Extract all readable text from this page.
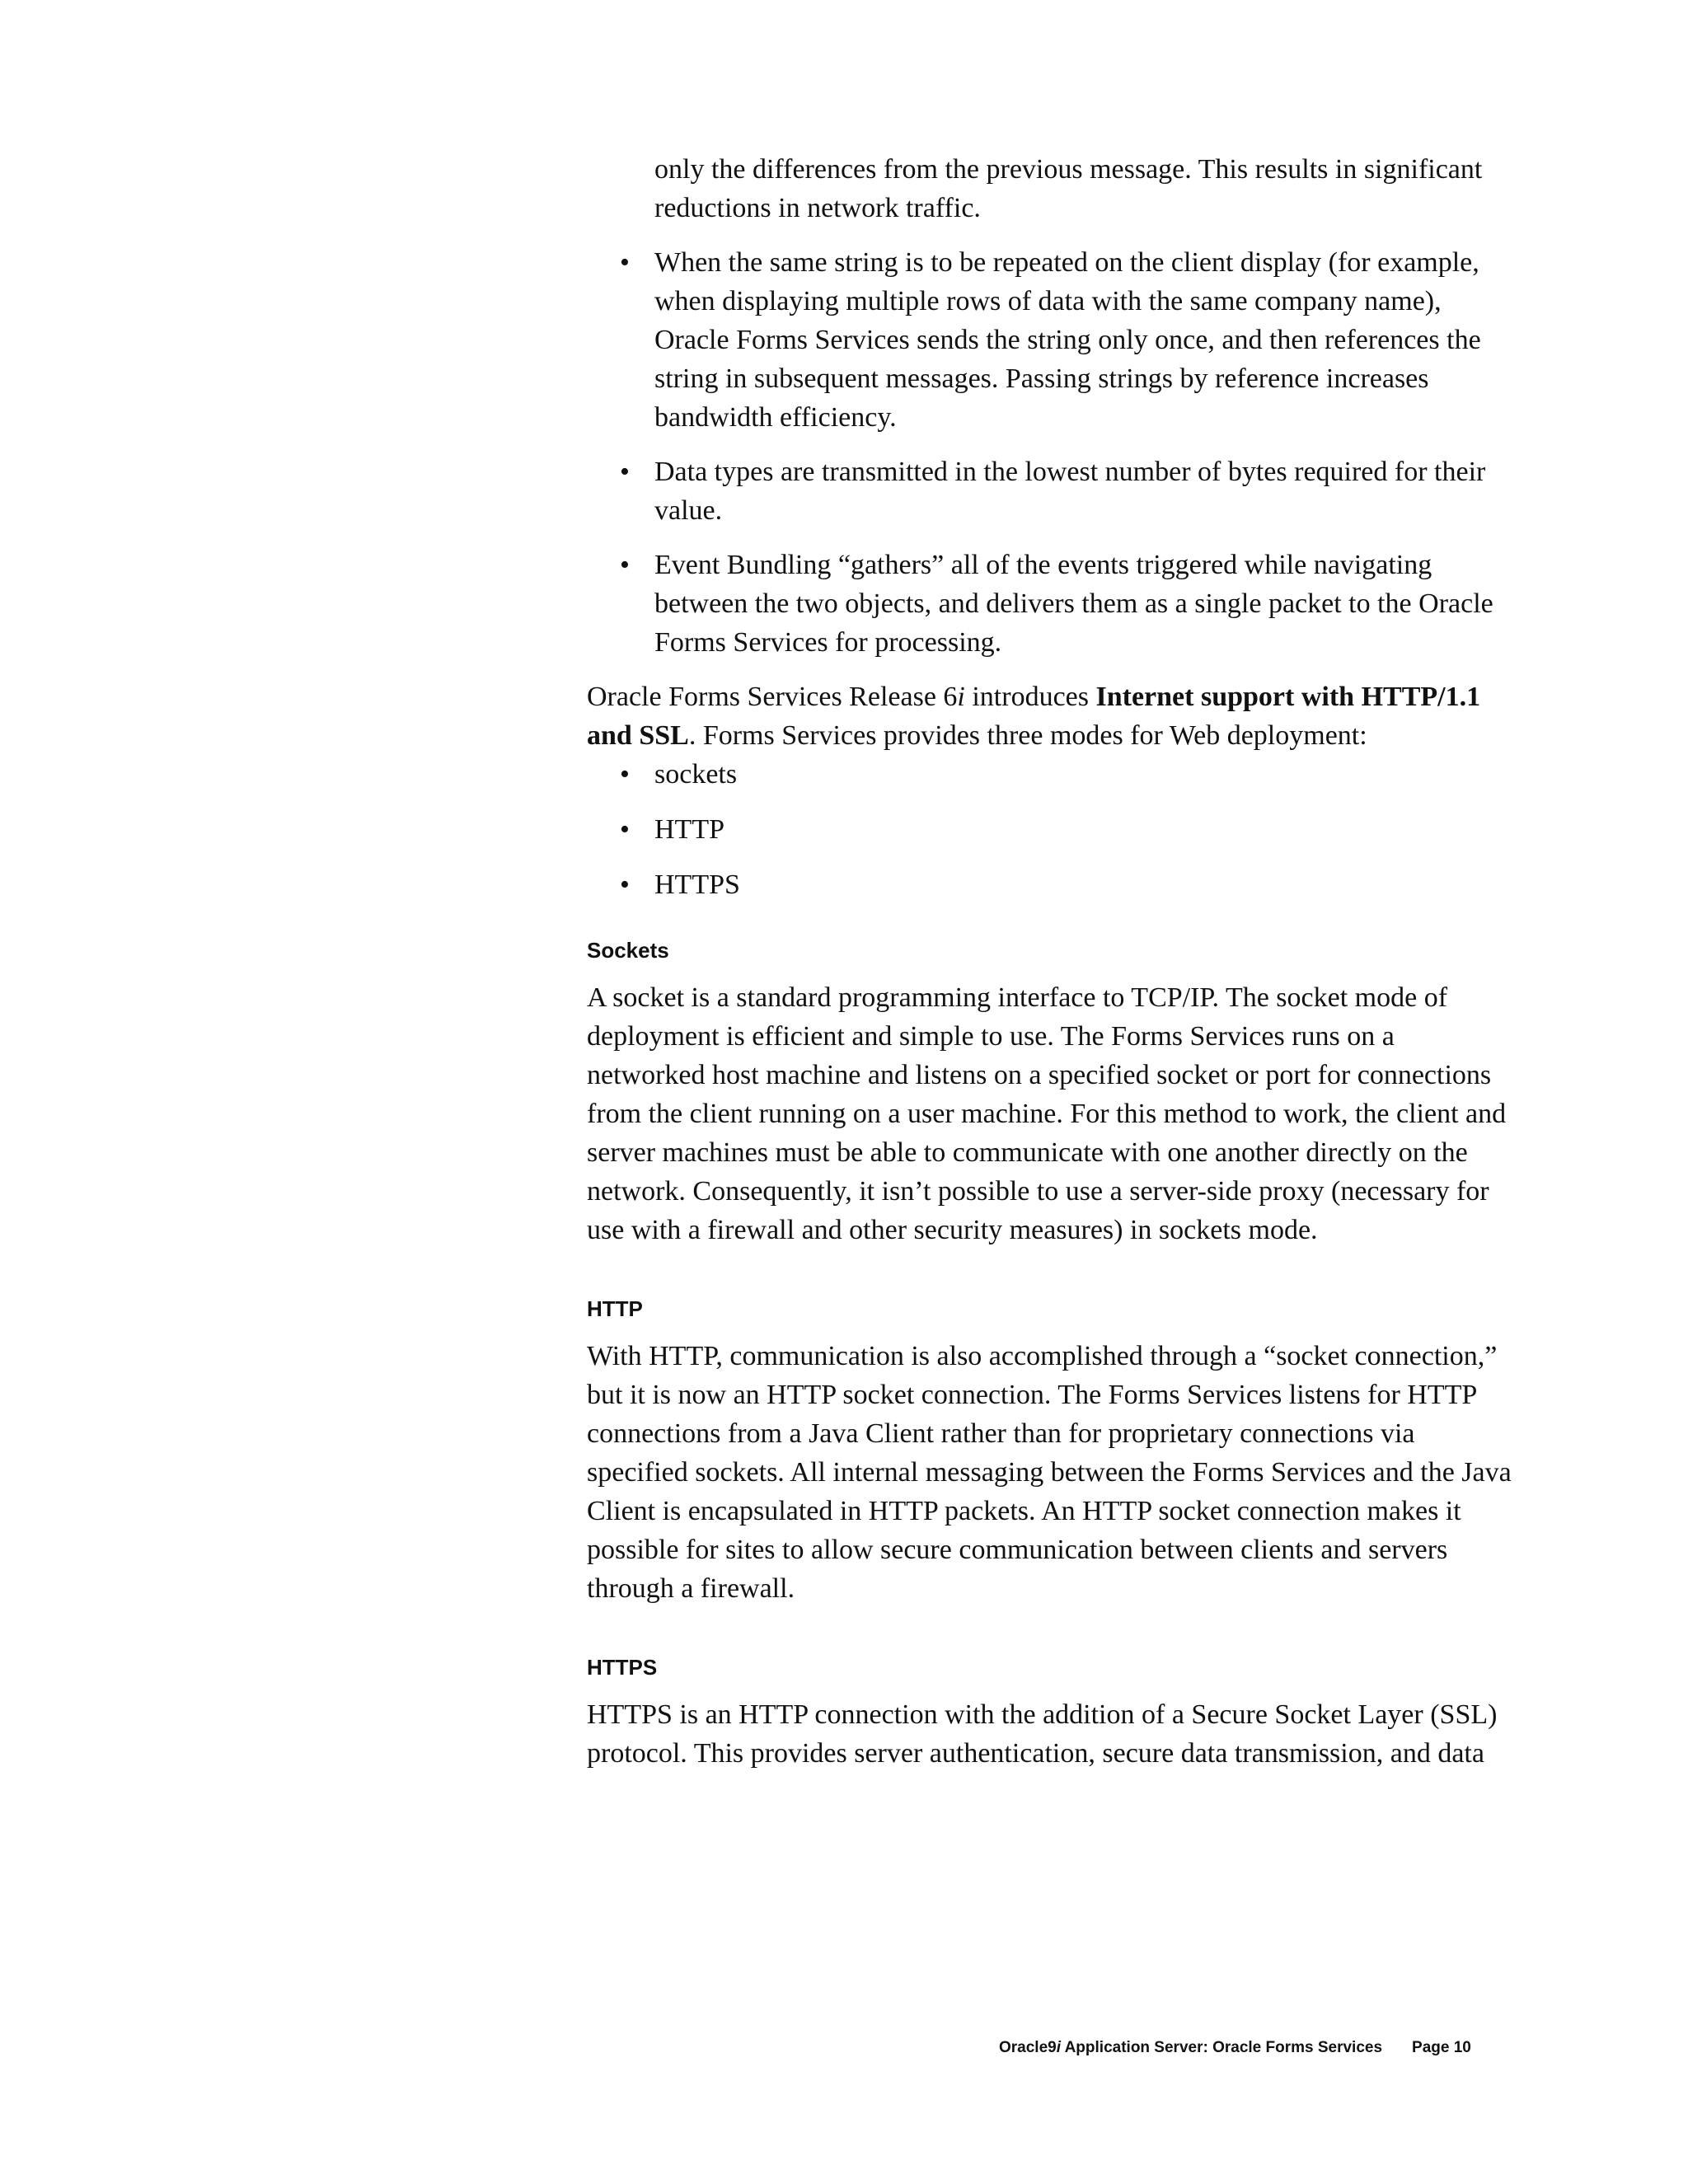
only the differences from the previous message. This results in significant reductions in network traffic.
• When the same string is to be repeated on the client display (for example, when displaying multiple rows of data with the same company name), Oracle Forms Services sends the string only once, and then references the string in subsequent messages. Passing strings by reference increases bandwidth efficiency.
• Data types are transmitted in the lowest number of bytes required for their value.
• Event Bundling “gathers” all of the events triggered while navigating between the two objects, and delivers them as a single packet to the Oracle Forms Services for processing.

Oracle Forms Services Release 6i introduces Internet support with HTTP/1.1 and SSL. Forms Services provides three modes for Web deployment:

• sockets
• HTTP
• HTTPS
Sockets

A socket is a standard programming interface to TCP/IP. The socket mode of deployment is efficient and simple to use. The Forms Services runs on a networked host machine and listens on a specified socket or port for connections from the client running on a user machine. For this method to work, the client and server machines must be able to communicate with one another directly on the network. Consequently, it isn’t possible to use a server-side proxy (necessary for use with a firewall and other security measures) in sockets mode.

HTTP

With HTTP, communication is also accomplished through a “socket connection,” but it is now an HTTP socket connection. The Forms Services listens for HTTP connections from a Java Client rather than for proprietary connections via specified sockets. All internal messaging between the Forms Services and the Java Client is encapsulated in HTTP packets. An HTTP socket connection makes it possible for sites to allow secure communication between clients and servers through a firewall.

HTTPS

HTTPS is an HTTP connection with the addition of a Secure Socket Layer (SSL) protocol. This provides server authentication, secure data transmission, and data

Oracle9i Application Server: Oracle Forms Services Page 10
